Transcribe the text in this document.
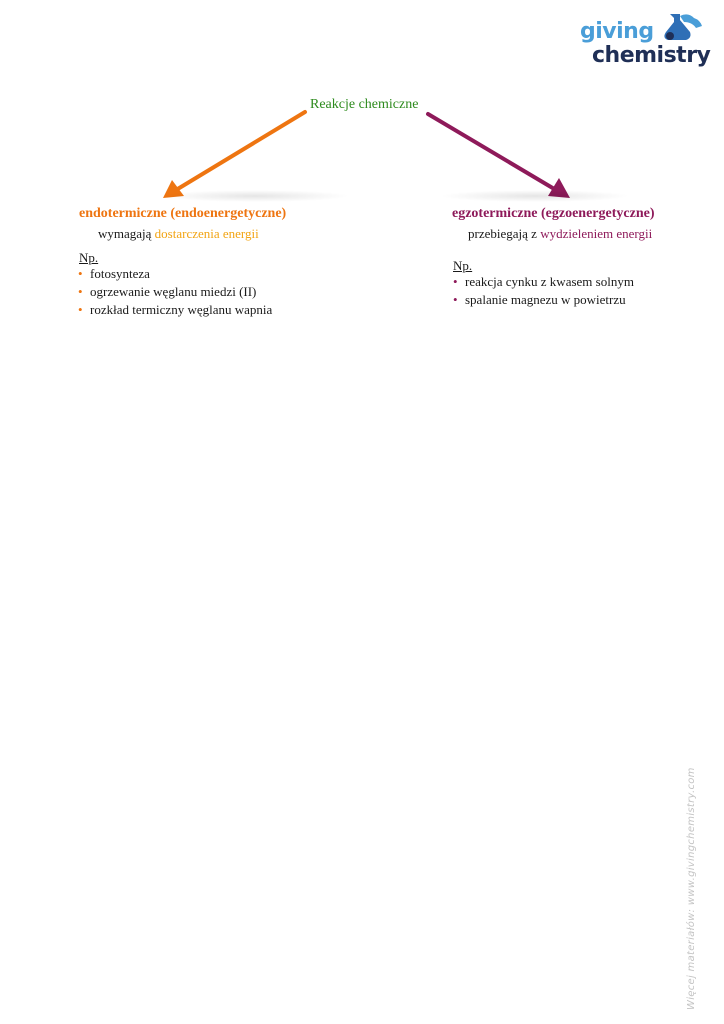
giving
chemistry
Reakcje chemiczne
endotermiczne (endoenergetyczne)
wymagają dostarczenia energii
Np.
• fotosynteza
• ogrzewanie węglanu miedzi (II)
• rozkład termiczny węglanu wapnia
egzotermiczne (egzoenergetyczne)
przebiegają z wydzieleniem energii
Np.
• reakcja cynku z kwasem solnym
• spalanie magnezu w powietrzu
Więcej materiałów: www.givingchemistry.com
